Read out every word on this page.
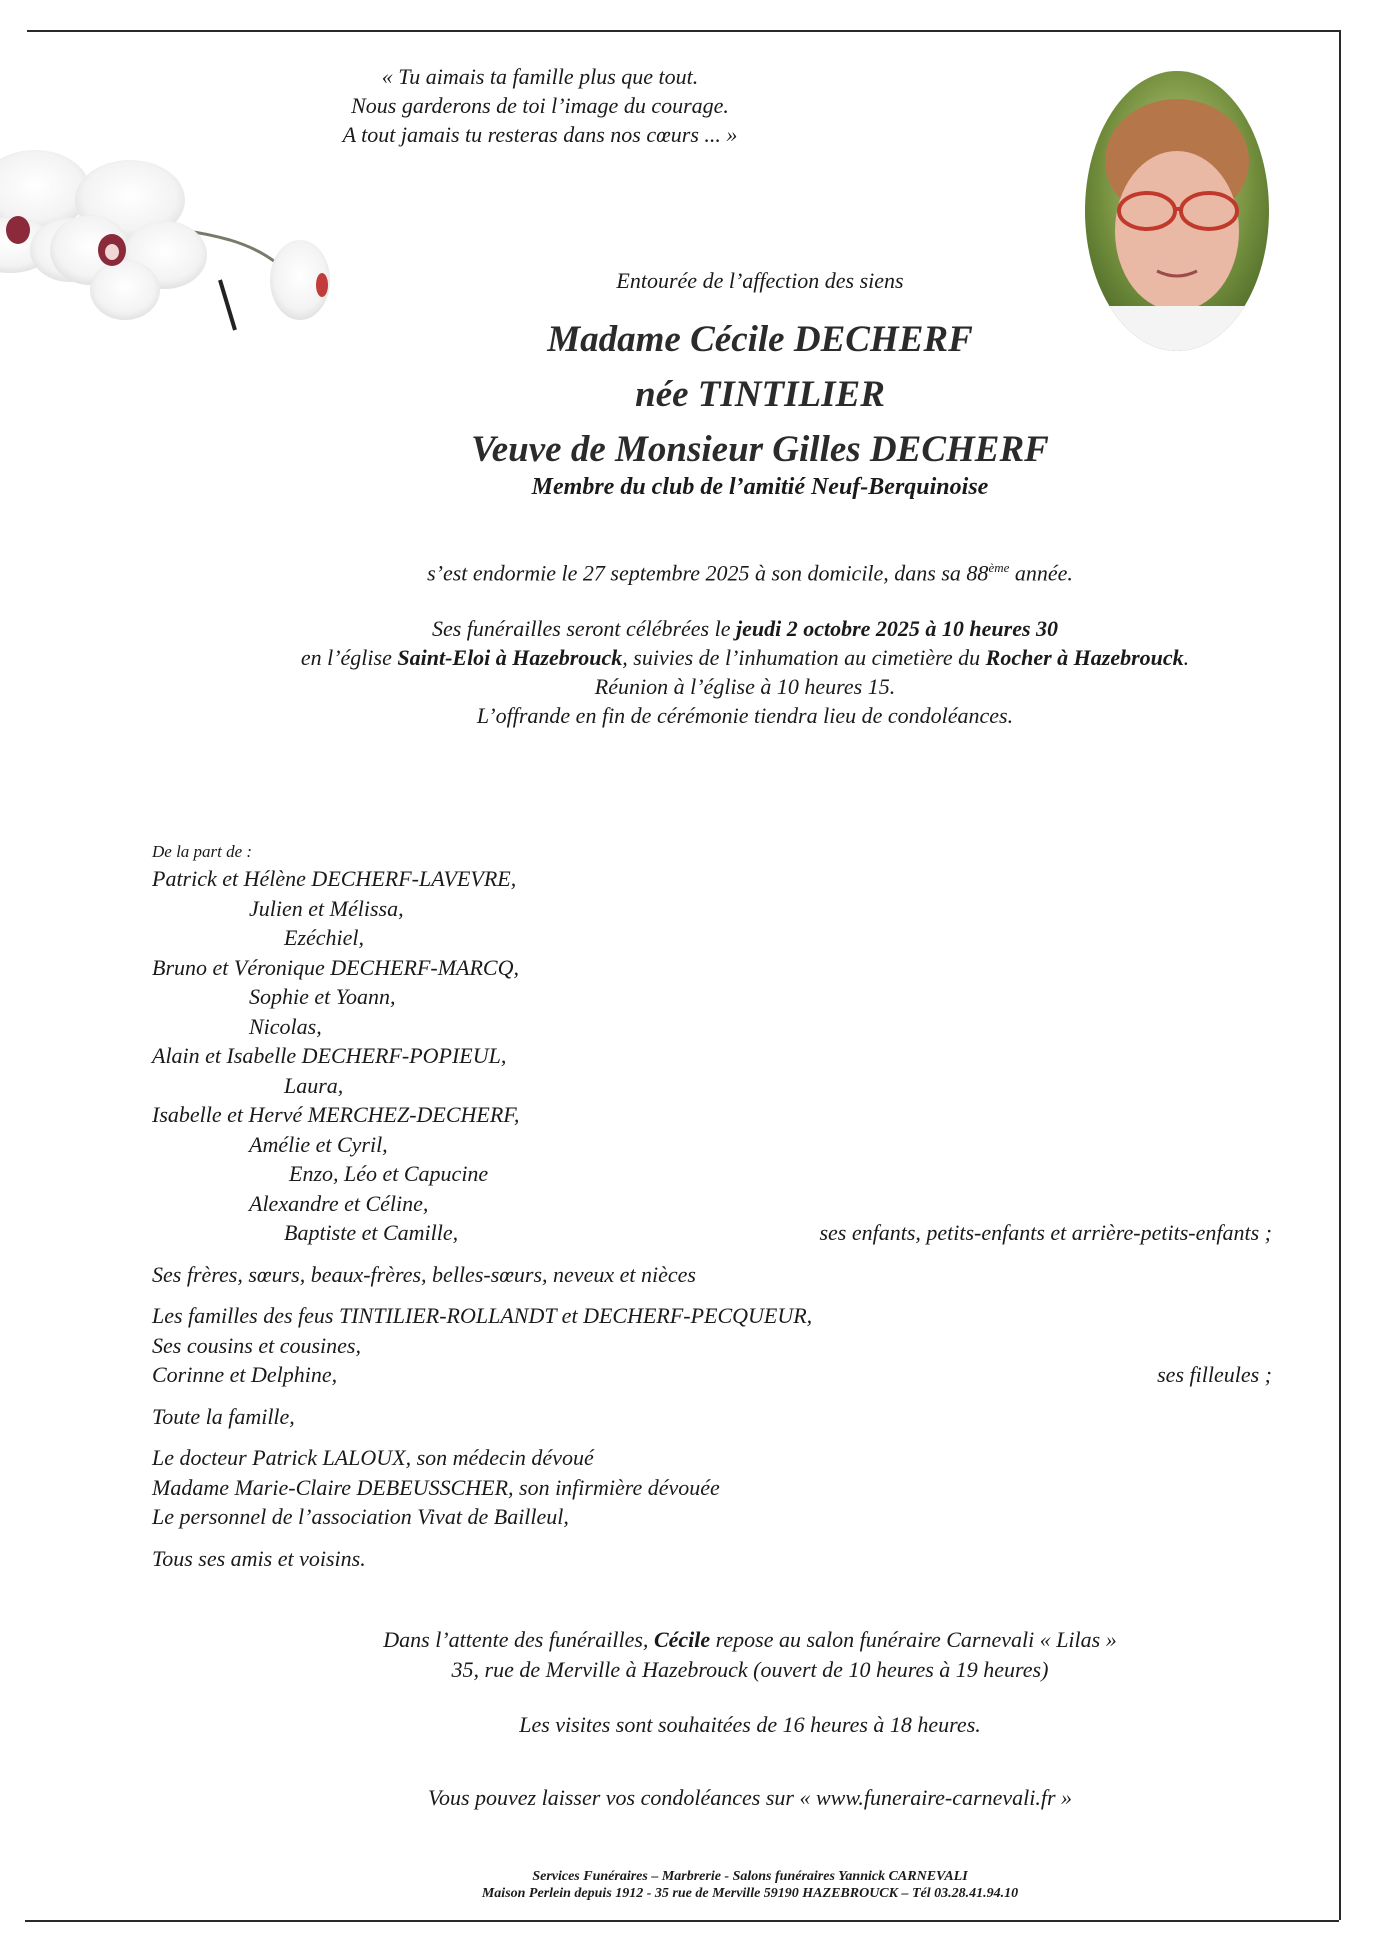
« Tu aimais ta famille plus que tout.
Nous garderons de toi l’image du courage.
A tout jamais tu resteras dans nos cœurs ... »
Entourée de l’affection des siens
Madame Cécile DECHERF
née TINTILIER
Veuve de Monsieur Gilles DECHERF
Membre du club de l’amitié Neuf-Berquinoise
s’est endormie le 27 septembre 2025 à son domicile, dans sa 88ème année.
Ses funérailles seront célébrées le jeudi 2 octobre 2025 à 10 heures 30
en l’église Saint-Eloi à Hazebrouck, suivies de l’inhumation au cimetière du Rocher à Hazebrouck.
Réunion à l’église à 10 heures 15.
L’offrande en fin de cérémonie tiendra lieu de condoléances.
De la part de :
Patrick et Hélène DECHERF-LAVEVRE,
Julien et Mélissa,
Ezéchiel,
Bruno et Véronique DECHERF-MARCQ,
Sophie et Yoann,
Nicolas,
Alain et Isabelle DECHERF-POPIEUL,
Laura,
Isabelle et Hervé MERCHEZ-DECHERF,
Amélie et Cyril,
Enzo, Léo et Capucine
Alexandre et Céline,
Baptiste et Camille,	ses enfants, petits-enfants et arrière-petits-enfants ;
Ses frères, sœurs, beaux-frères, belles-sœurs, neveux et nièces
Les familles des feus TINTILIER-ROLLANDT et DECHERF-PECQUEUR,
Ses cousins et cousines,
Corinne et Delphine,	ses filleules ;
Toute la famille,
Le docteur Patrick LALOUX, son médecin dévoué
Madame Marie-Claire DEBEUSSCHER, son infirmière dévouée
Le personnel de l’association Vivat de Bailleul,
Tous ses amis et voisins.
Dans l’attente des funérailles, Cécile repose au salon funéraire Carnevali « Lilas »
35, rue de Merville à Hazebrouck (ouvert de 10 heures à 19 heures)
Les visites sont souhaitées de 16 heures à 18 heures.
Vous pouvez laisser vos condoléances sur « www.funeraire-carnevali.fr »
Services Funéraires – Marbrerie - Salons funéraires Yannick CARNEVALI
Maison Perlein depuis 1912 - 35 rue de Merville 59190 HAZEBROUCK – Tél 03.28.41.94.10
